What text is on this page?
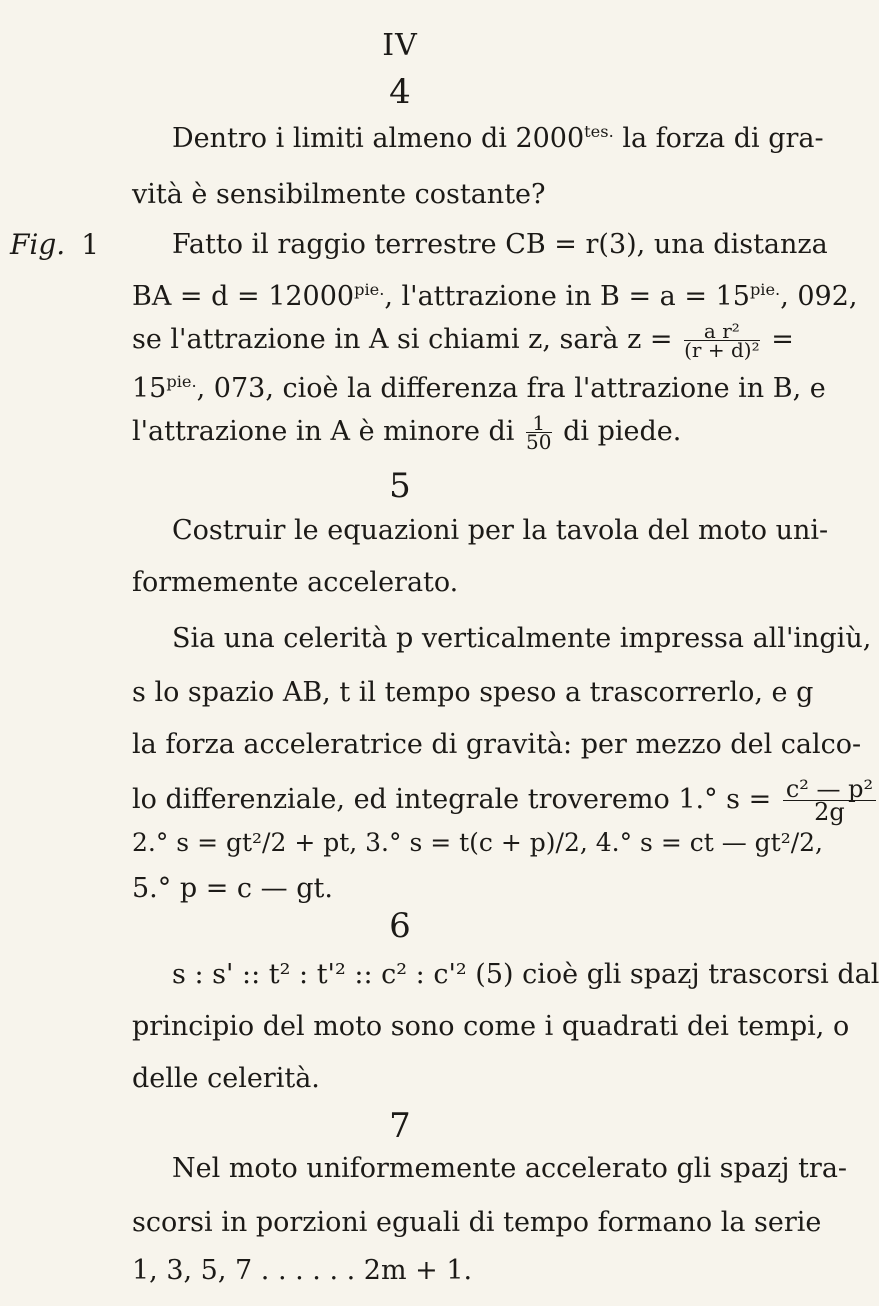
IV
4
Fig. 1
Dentro i limiti almeno di $2000^{tes.}$ la forza di gra-
vità è sensibilmente costante?
Fatto il raggio terrestre CB = r(3), una distanza
BA = $d = 12000^{pie.}$, l'attrazione in $B = a = 15^{pie.}$, 092,
se l'attrazione in A si chiami z, sarà $z = \frac{\text{a r²}}{\text{(r + d)²}}$ =
$15^{pie.}$, 073, cioè la differenza fra l'attrazione in B, e
l'attrazione in A è minore di $\frac{1}{50}$ di piede.
5
Costruir le equazioni per la tavola del moto uni-
formemente accelerato.
Sia una celerità p verticalmente impressa all'ingiù,
s lo spazio AB, t il tempo speso a trascorrerlo, e g
la forza acceleratrice di gravità: per mezzo del calco-
lo differenziale, ed integrale troveremo 1.° $s = \frac{\text{c² — p²}}{2g}$
2.° s = gt²/2 + pt, 3.° s = t(c + p)/2, 4.° s = ct — gt²/2,
5.° p = c — gt.
6
s : s' :: t² : t'² :: c² : c'² (5) cioè gli spazj trascorsi dal
principio del moto sono come i quadrati dei tempi, o
delle celerità.
7
Nel moto uniformemente accelerato gli spazj tra-
scorsi in porzioni eguali di tempo formano la serie
1, 3, 5, 7 . . . . . . 2m + 1.
